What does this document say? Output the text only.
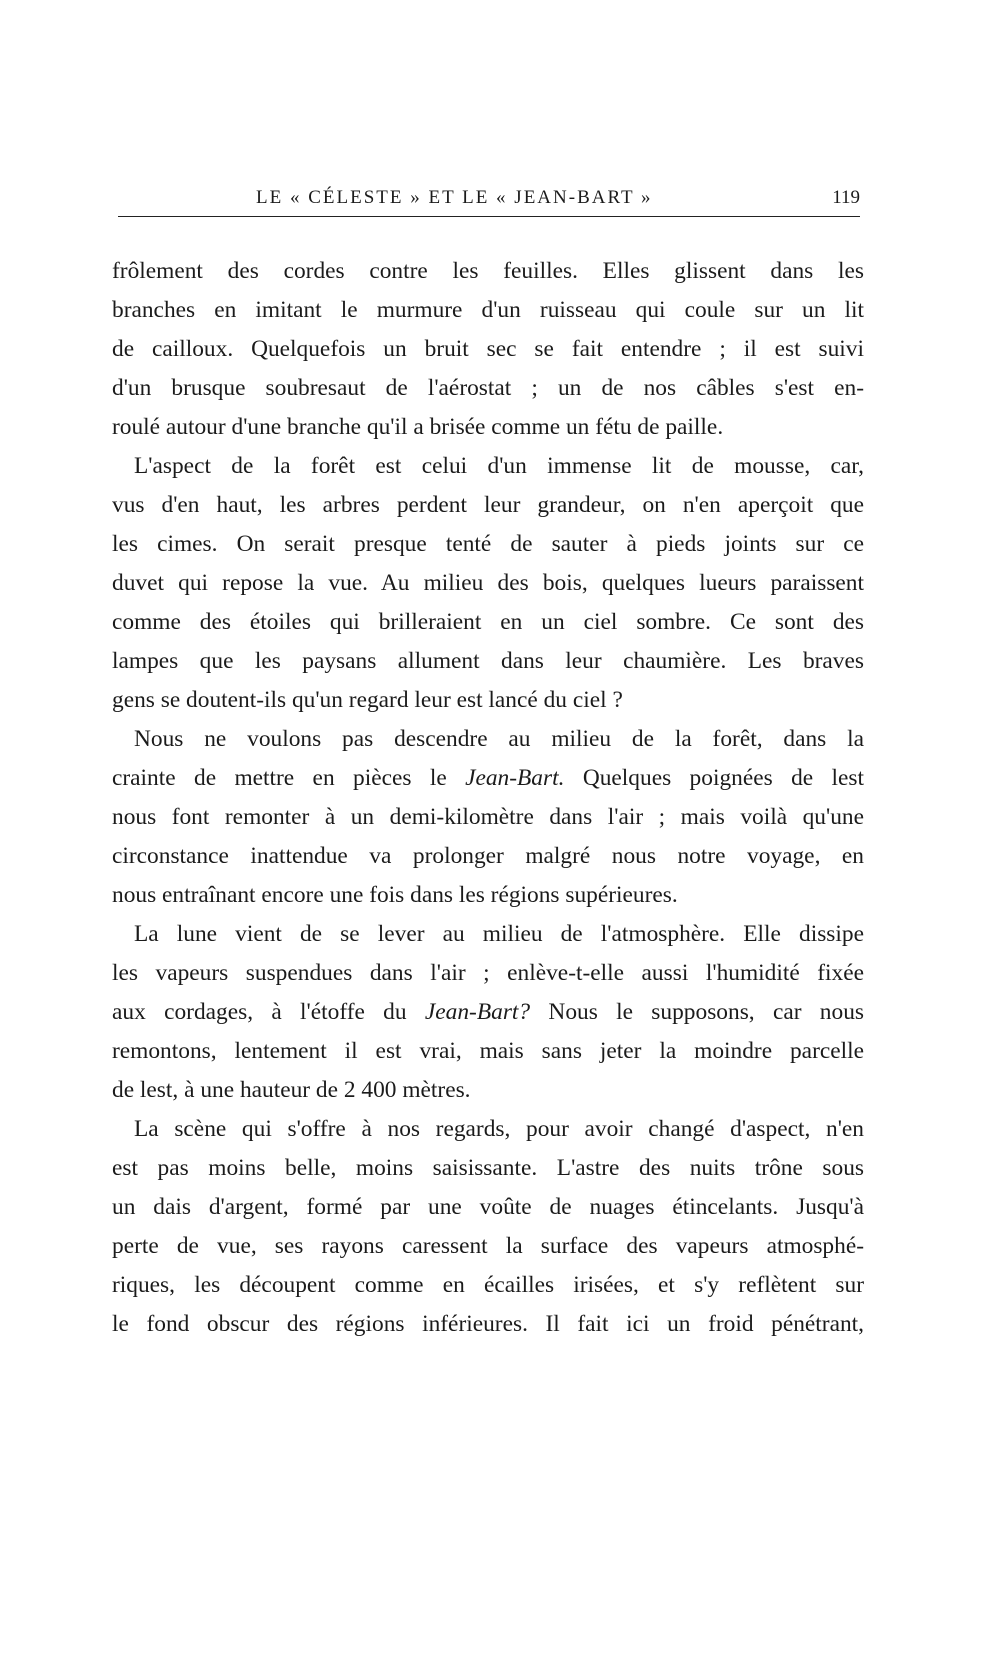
LE « CÉLESTE » ET LE « JEAN-BART »	119
frôlement des cordes contre les feuilles. Elles glissent dans les
branches en imitant le murmure d'un ruisseau qui coule sur un lit
de cailloux. Quelquefois un bruit sec se fait entendre ; il est suivi
d'un brusque soubresaut de l'aérostat ; un de nos câbles s'est en-
roulé autour d'une branche qu'il a brisée comme un fétu de paille.
L'aspect de la forêt est celui d'un immense lit de mousse, car,
vus d'en haut, les arbres perdent leur grandeur, on n'en aperçoit que
les cimes. On serait presque tenté de sauter à pieds joints sur ce
duvet qui repose la vue. Au milieu des bois, quelques lueurs paraissent
comme des étoiles qui brilleraient en un ciel sombre. Ce sont des
lampes que les paysans allument dans leur chaumière. Les braves
gens se doutent-ils qu'un regard leur est lancé du ciel ?
Nous ne voulons pas descendre au milieu de la forêt, dans la
crainte de mettre en pièces le Jean-Bart. Quelques poignées de lest
nous font remonter à un demi-kilomètre dans l'air ; mais voilà qu'une
circonstance inattendue va prolonger malgré nous notre voyage, en
nous entraînant encore une fois dans les régions supérieures.
La lune vient de se lever au milieu de l'atmosphère. Elle dissipe
les vapeurs suspendues dans l'air ; enlève-t-elle aussi l'humidité fixée
aux cordages, à l'étoffe du Jean-Bart? Nous le supposons, car nous
remontons, lentement il est vrai, mais sans jeter la moindre parcelle
de lest, à une hauteur de 2 400 mètres.
La scène qui s'offre à nos regards, pour avoir changé d'aspect, n'en
est pas moins belle, moins saisissante. L'astre des nuits trône sous
un dais d'argent, formé par une voûte de nuages étincelants. Jusqu'à
perte de vue, ses rayons caressent la surface des vapeurs atmosphé-
riques, les découpent comme en écailles irisées, et s'y reflètent sur
le fond obscur des régions inférieures. Il fait ici un froid pénétrant,
